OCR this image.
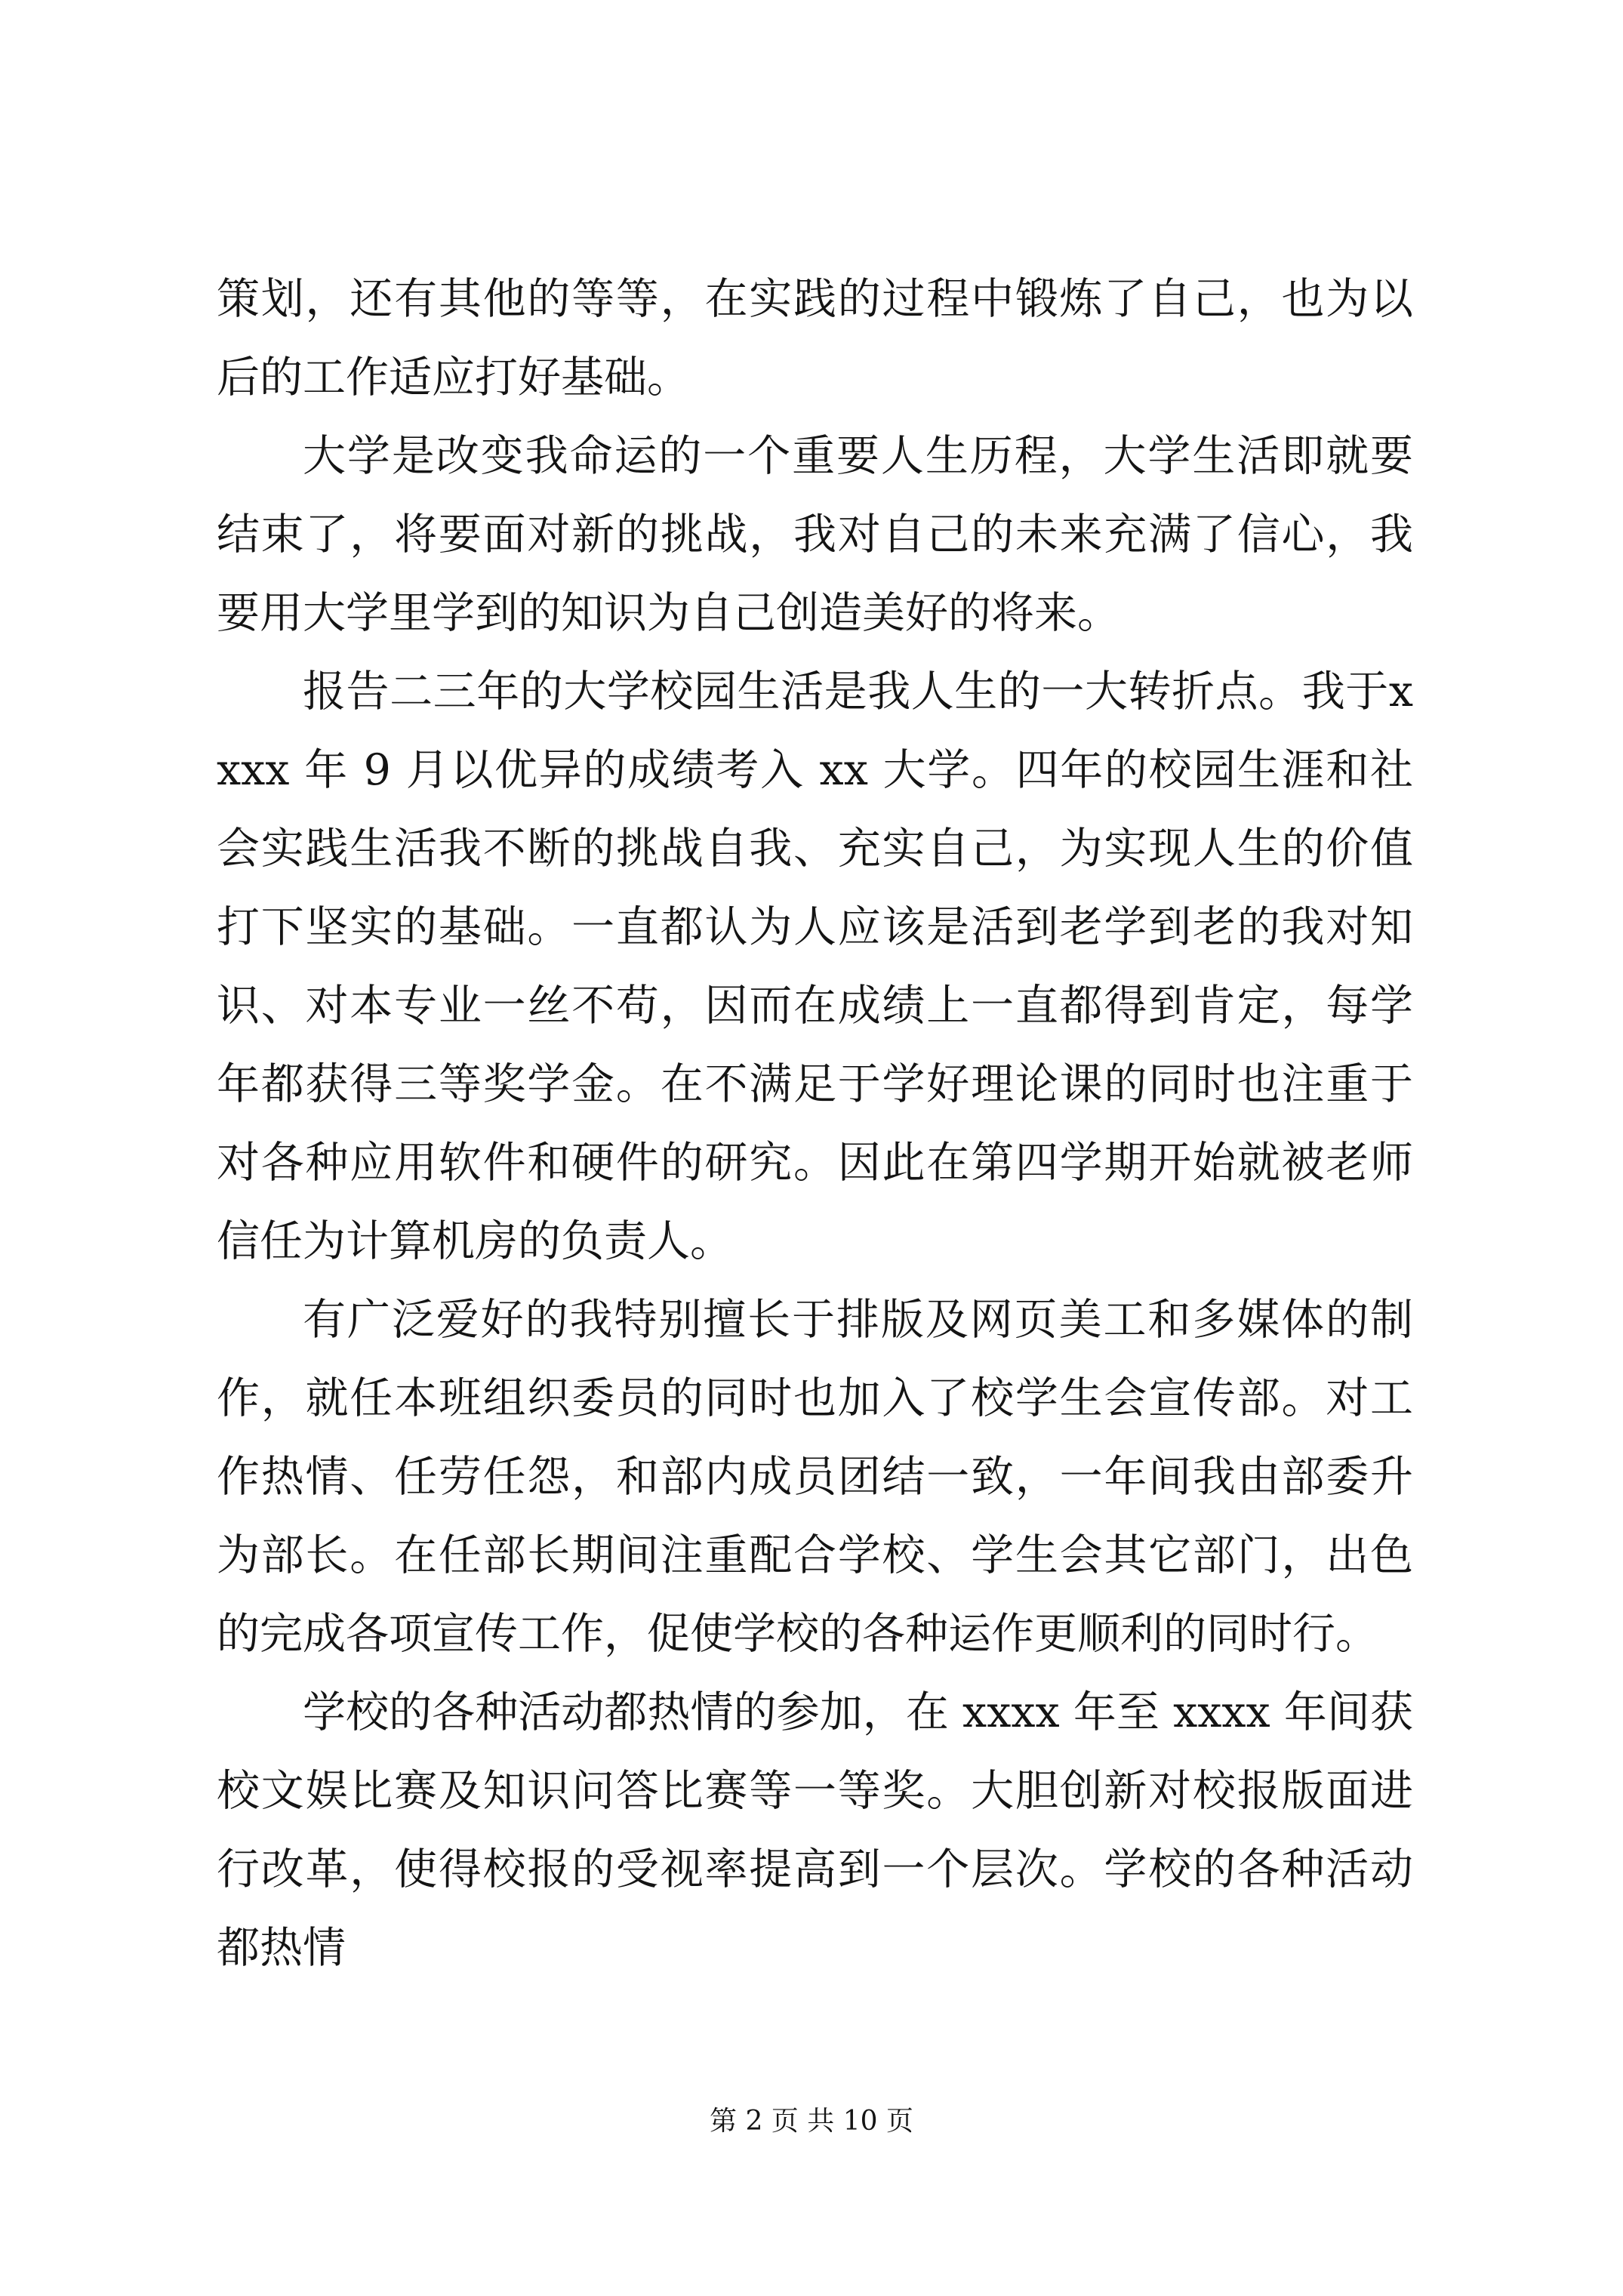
策划，还有其他的等等，在实践的过程中锻炼了自己，也为以后的工作适应打好基础。

大学是改变我命运的一个重要人生历程，大学生活即就要结束了，将要面对新的挑战，我对自己的未来充满了信心，我要用大学里学到的知识为自己创造美好的将来。

报告二三年的大学校园生活是我人生的一大转折点。我于xxxx 年 9 月以优异的成绩考入 xx 大学。四年的校园生涯和社会实践生活我不断的挑战自我、充实自己，为实现人生的价值打下坚实的基础。一直都认为人应该是活到老学到老的我对知识、对本专业一丝不苟，因而在成绩上一直都得到肯定，每学年都获得三等奖学金。在不满足于学好理论课的同时也注重于对各种应用软件和硬件的研究。因此在第四学期开始就被老师信任为计算机房的负责人。

有广泛爱好的我特别擅长于排版及网页美工和多媒体的制作，就任本班组织委员的同时也加入了校学生会宣传部。对工作热情、任劳任怨，和部内成员团结一致，一年间我由部委升为部长。在任部长期间注重配合学校、学生会其它部门，出色的完成各项宣传工作，促使学校的各种运作更顺利的同时行。

学校的各种活动都热情的参加，在 xxxx 年至 xxxx 年间获校文娱比赛及知识问答比赛等一等奖。大胆创新对校报版面进行改革，使得校报的受视率提高到一个层次。学校的各种活动都热情

第 2 页 共 10 页
